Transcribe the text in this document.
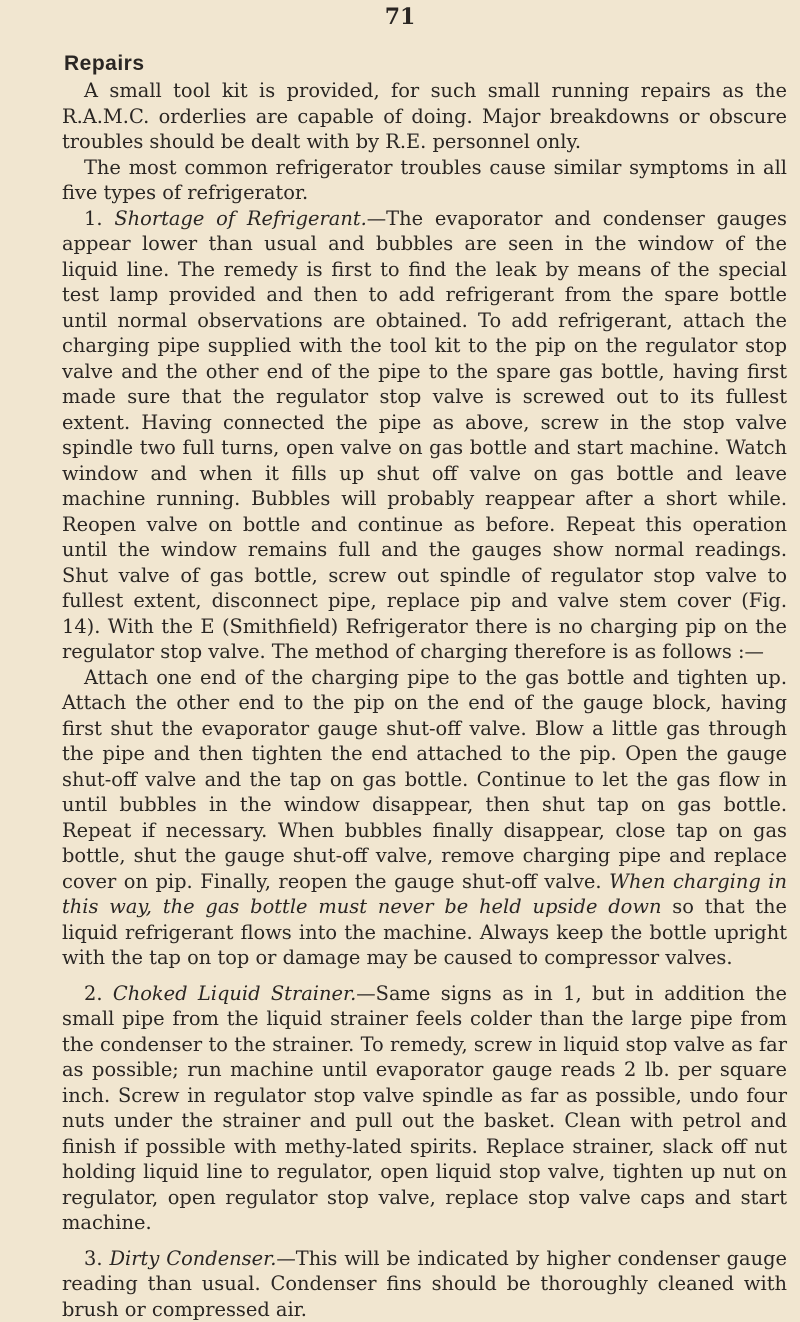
71
Repairs

A small tool kit is provided, for such small running repairs as the R.A.M.C. orderlies are capable of doing. Major breakdowns or obscure troubles should be dealt with by R.E. personnel only.

The most common refrigerator troubles cause similar symptoms in all five types of refrigerator.

1. Shortage of Refrigerant.—The evaporator and condenser gauges appear lower than usual and bubbles are seen in the window of the liquid line. The remedy is first to find the leak by means of the special test lamp provided and then to add refrigerant from the spare bottle until normal observations are obtained. To add refrigerant, attach the charging pipe supplied with the tool kit to the pip on the regulator stop valve and the other end of the pipe to the spare gas bottle, having first made sure that the regulator stop valve is screwed out to its fullest extent. Having connected the pipe as above, screw in the stop valve spindle two full turns, open valve on gas bottle and start machine. Watch window and when it fills up shut off valve on gas bottle and leave machine running. Bubbles will probably reappear after a short while. Reopen valve on bottle and continue as before. Repeat this operation until the window remains full and the gauges show normal readings. Shut valve of gas bottle, screw out spindle of regulator stop valve to fullest extent, disconnect pipe, replace pip and valve stem cover (Fig. 14). With the E (Smithfield) Refrigerator there is no charging pip on the regulator stop valve. The method of charging therefore is as follows :—

Attach one end of the charging pipe to the gas bottle and tighten up. Attach the other end to the pip on the end of the gauge block, having first shut the evaporator gauge shut-off valve. Blow a little gas through the pipe and then tighten the end attached to the pip. Open the gauge shut-off valve and the tap on gas bottle. Continue to let the gas flow in until bubbles in the window disappear, then shut tap on gas bottle. Repeat if necessary. When bubbles finally disappear, close tap on gas bottle, shut the gauge shut-off valve, remove charging pipe and replace cover on pip. Finally, reopen the gauge shut-off valve. When charging in this way, the gas bottle must never be held upside down so that the liquid refrigerant flows into the machine. Always keep the bottle upright with the tap on top or damage may be caused to compressor valves.

2. Choked Liquid Strainer.—Same signs as in 1, but in addition the small pipe from the liquid strainer feels colder than the large pipe from the condenser to the strainer. To remedy, screw in liquid stop valve as far as possible; run machine until evaporator gauge reads 2 lb. per square inch. Screw in regulator stop valve spindle as far as possible, undo four nuts under the strainer and pull out the basket. Clean with petrol and finish if possible with methy-lated spirits. Replace strainer, slack off nut holding liquid line to regulator, open liquid stop valve, tighten up nut on regulator, open regulator stop valve, replace stop valve caps and start machine.

3. Dirty Condenser.—This will be indicated by higher condenser gauge reading than usual. Condenser fins should be thoroughly cleaned with brush or compressed air.
